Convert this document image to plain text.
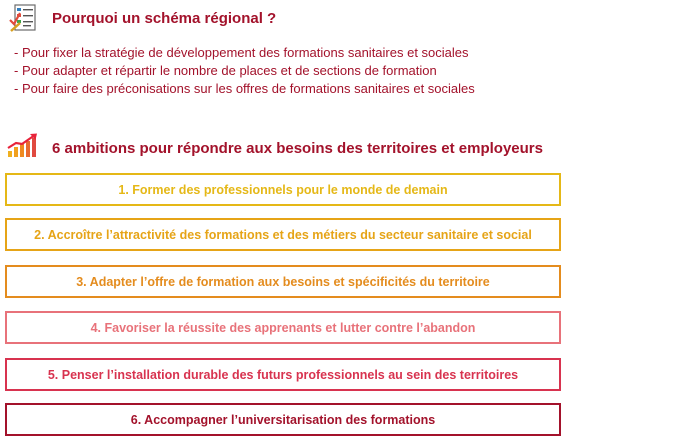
Pourquoi un schéma régional ?
- Pour fixer la stratégie de développement des formations sanitaires et sociales
- Pour adapter et répartir le nombre de places et de sections de formation
- Pour faire des préconisations sur les offres de formations sanitaires et sociales
6 ambitions pour répondre aux besoins des territoires et employeurs
1. Former des professionnels pour le monde de demain
2. Accroître l’attractivité des formations et des métiers du secteur sanitaire et social
3. Adapter l’offre de formation aux besoins et spécificités du territoire
4. Favoriser la réussite des apprenants et lutter contre l’abandon
5. Penser l’installation durable des futurs professionnels au sein des territoires
6. Accompagner l’universitarisation des formations
